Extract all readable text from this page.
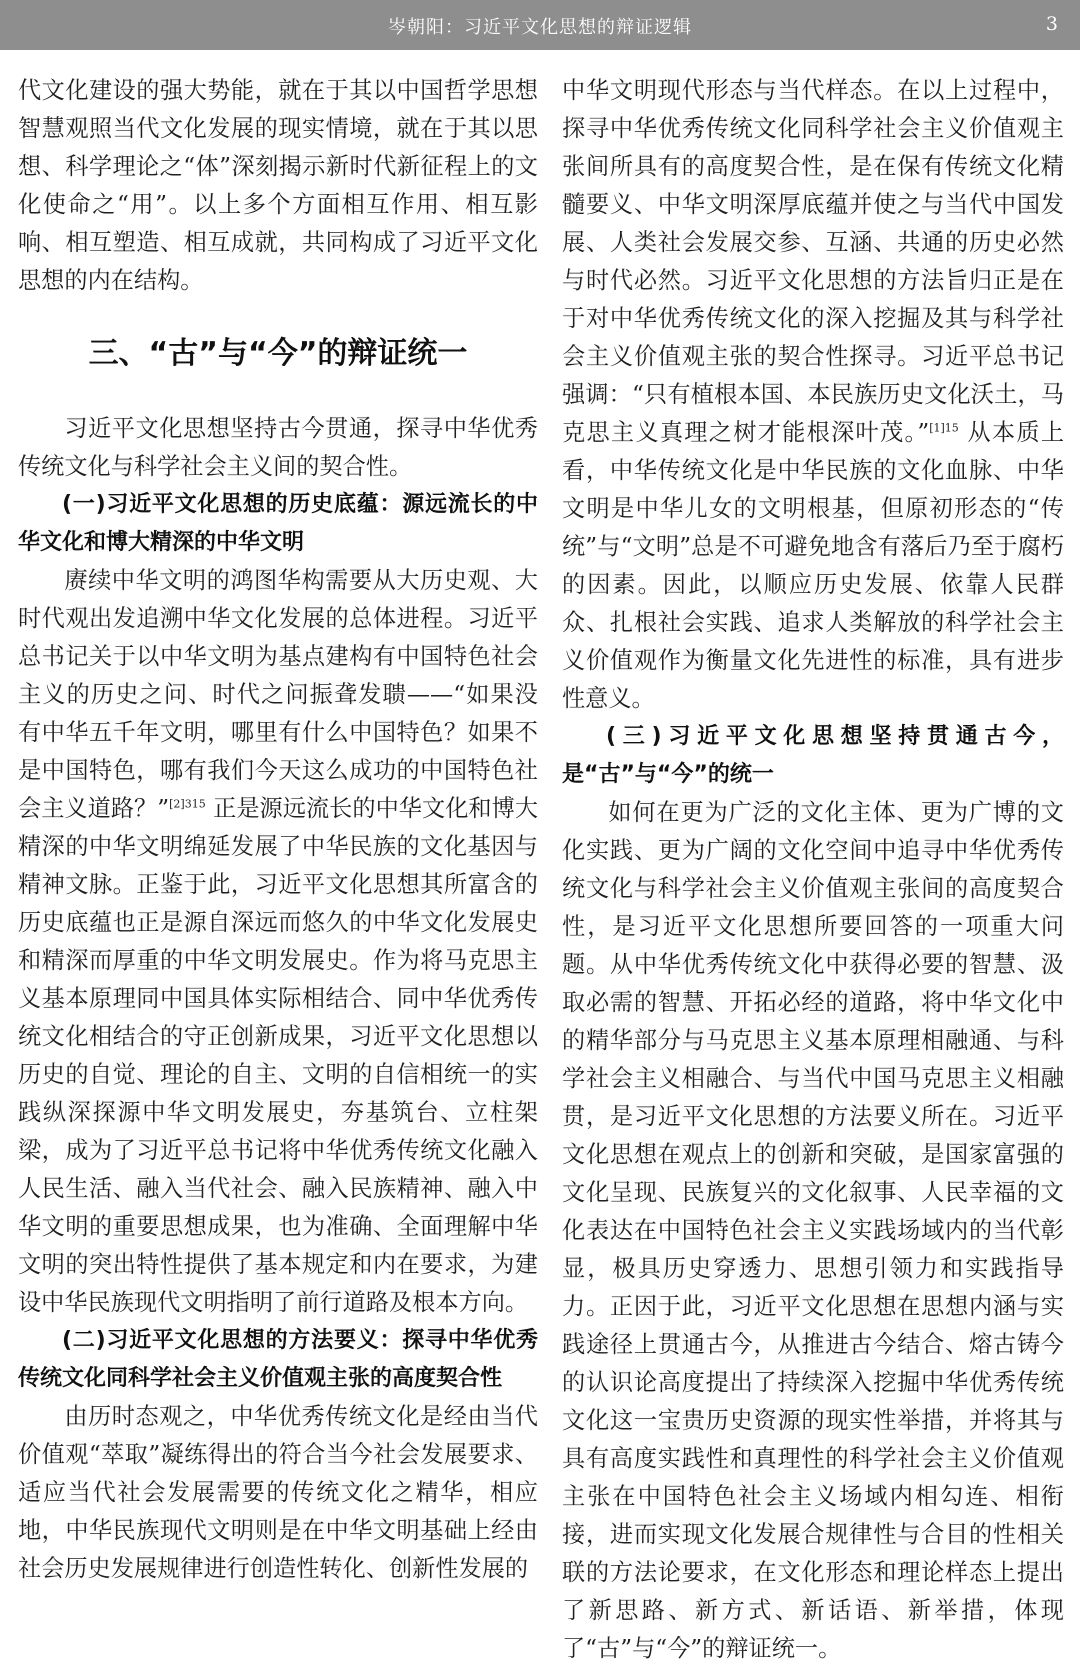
岑朝阳：习近平文化思想的辩证逻辑	3

代文化建设的强大势能，就在于其以中国哲学思想智慧观照当代文化发展的现实情境，就在于其以思想、科学理论之“体”深刻揭示新时代新征程上的文化使命之“用”。以上多个方面相互作用、相互影响、相互塑造、相互成就，共同构成了习近平文化思想的内在结构。

三、“古”与“今”的辩证统一

习近平文化思想坚持古今贯通，探寻中华优秀传统文化与科学社会主义间的契合性。

(一)习近平文化思想的历史底蕴：源远流长的中华文化和博大精深的中华文明

赓续中华文明的鸿图华构需要从大历史观、大时代观出发追溯中华文化发展的总体进程。习近平总书记关于以中华文明为基点建构有中国特色社会主义的历史之问、时代之问振聋发聩——“如果没有中华五千年文明，哪里有什么中国特色？如果不是中国特色，哪有我们今天这么成功的中国特色社会主义道路？”$^{[2]315}$ 正是源远流长的中华文化和博大精深的中华文明绵延发展了中华民族的文化基因与精神文脉。正鉴于此，习近平文化思想其所富含的历史底蕴也正是源自深远而悠久的中华文化发展史和精深而厚重的中华文明发展史。作为将马克思主义基本原理同中国具体实际相结合、同中华优秀传统文化相结合的守正创新成果，习近平文化思想以历史的自觉、理论的自主、文明的自信相统一的实践纵深探源中华文明发展史，夯基筑台、立柱架梁，成为了习近平总书记将中华优秀传统文化融入人民生活、融入当代社会、融入民族精神、融入中华文明的重要思想成果，也为准确、全面理解中华文明的突出特性提供了基本规定和内在要求，为建设中华民族现代文明指明了前行道路及根本方向。

(二)习近平文化思想的方法要义：探寻中华优秀传统文化同科学社会主义价值观主张的高度契合性

由历时态观之，中华优秀传统文化是经由当代价值观“萃取”凝练得出的符合当今社会发展要求、适应当代社会发展需要的传统文化之精华，相应地，中华民族现代文明则是在中华文明基础上经由社会历史发展规律进行创造性转化、创新性发展的

中华文明现代形态与当代样态。在以上过程中，探寻中华优秀传统文化同科学社会主义价值观主张间所具有的高度契合性，是在保有传统文化精髓要义、中华文明深厚底蕴并使之与当代中国发展、人类社会发展交参、互涵、共通的历史必然与时代必然。习近平文化思想的方法旨归正是在于对中华优秀传统文化的深入挖掘及其与科学社会主义价值观主张的契合性探寻。习近平总书记强调：“只有植根本国、本民族历史文化沃土，马克思主义真理之树才能根深叶茂。”$^{[1]15}$ 从本质上看，中华传统文化是中华民族的文化血脉、中华文明是中华儿女的文明根基，但原初形态的“传统”与“文明”总是不可避免地含有落后乃至于腐朽的因素。因此，以顺应历史发展、依靠人民群众、扎根社会实践、追求人类解放的科学社会主义价值观作为衡量文化先进性的标准，具有进步性意义。

(三)习近平文化思想坚持贯通古今，是“古”与“今”的统一

如何在更为广泛的文化主体、更为广博的文化实践、更为广阔的文化空间中追寻中华优秀传统文化与科学社会主义价值观主张间的高度契合性，是习近平文化思想所要回答的一项重大问题。从中华优秀传统文化中获得必要的智慧、汲取必需的智慧、开拓必经的道路，将中华文化中的精华部分与马克思主义基本原理相融通、与科学社会主义相融合、与当代中国马克思主义相融贯，是习近平文化思想的方法要义所在。习近平文化思想在观点上的创新和突破，是国家富强的文化呈现、民族复兴的文化叙事、人民幸福的文化表达在中国特色社会主义实践场域内的当代彰显，极具历史穿透力、思想引领力和实践指导力。正因于此，习近平文化思想在思想内涵与实践途径上贯通古今，从推进古今结合、熔古铸今的认识论高度提出了持续深入挖掘中华优秀传统文化这一宝贵历史资源的现实性举措，并将其与具有高度实践性和真理性的科学社会主义价值观主张在中国特色社会主义场域内相勾连、相衔接，进而实现文化发展合规律性与合目的性相关联的方法论要求，在文化形态和理论样态上提出了新思路、新方式、新话语、新举措，体现了“古”与“今”的辩证统一。
